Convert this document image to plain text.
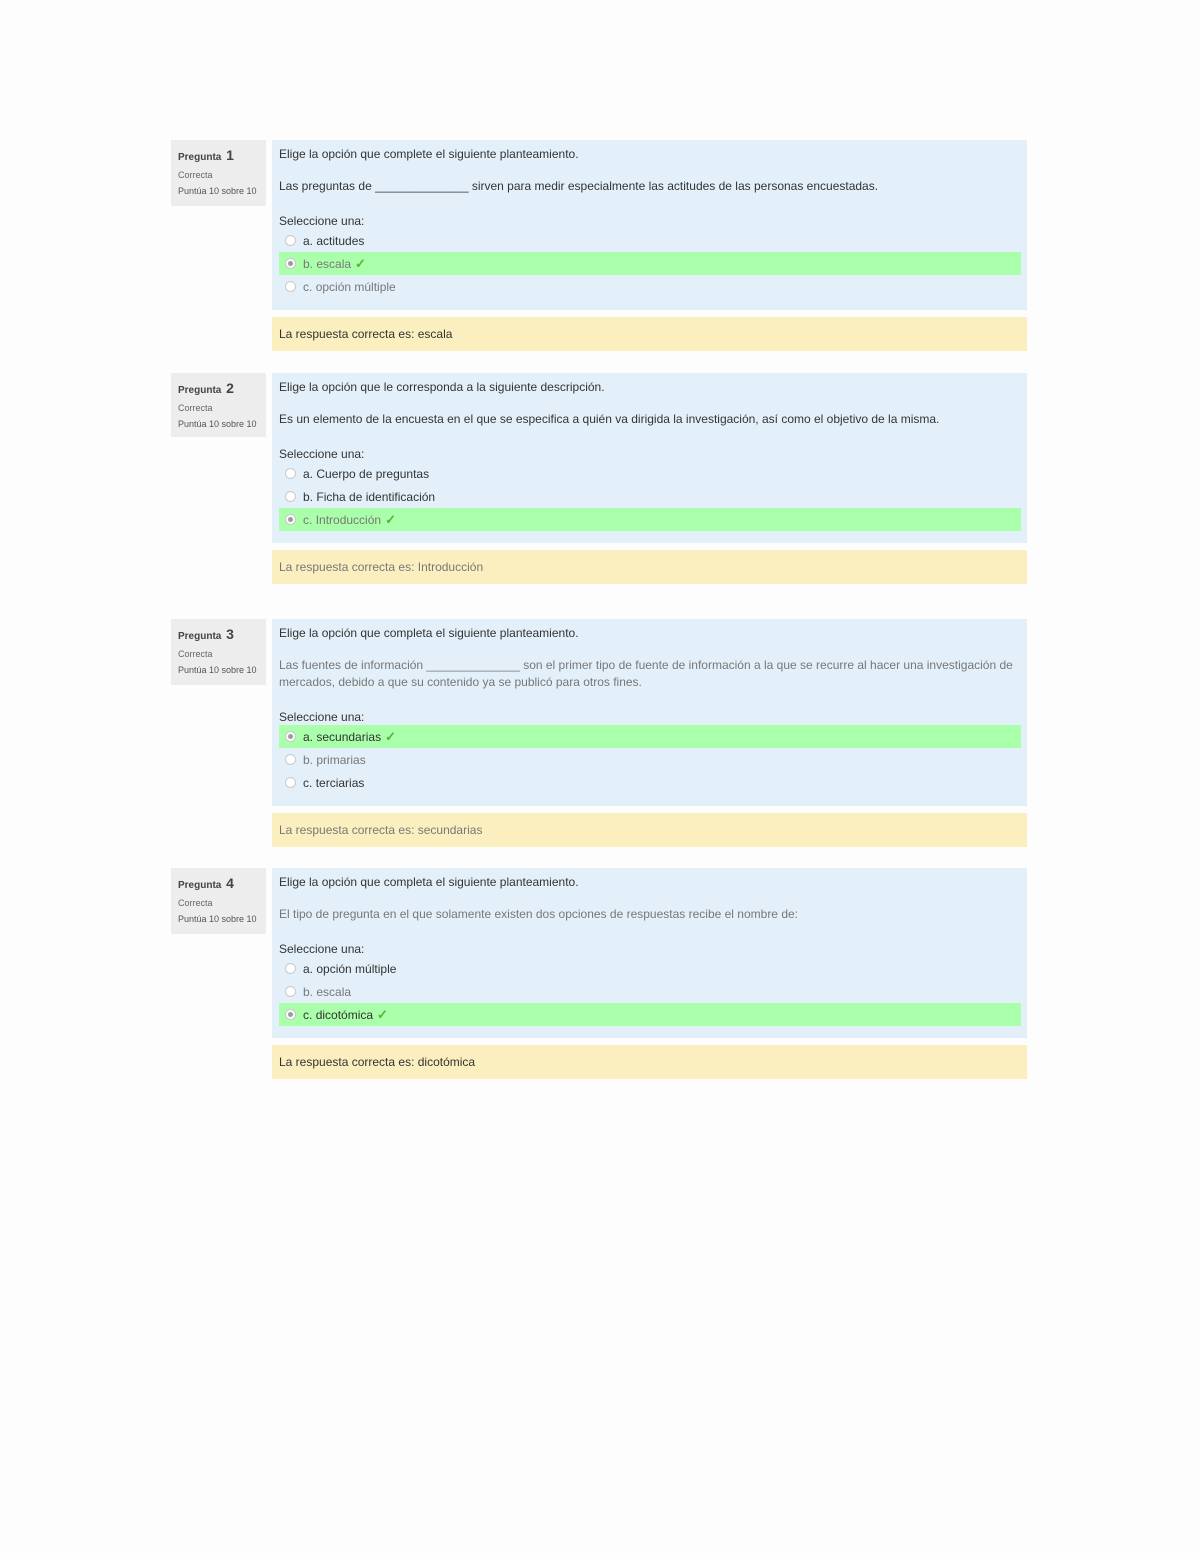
Pregunta 1
Correcta
Puntúa 10 sobre 10
Elige la opción que complete el siguiente planteamiento.
Las preguntas de ______________ sirven para medir especialmente las actitudes de las personas encuestadas.
Seleccione una:
a.
actitudes
b.
escala ✓
c.
opción múltiple
La respuesta correcta es: escala
Pregunta 2
Correcta
Puntúa 10 sobre 10
Elige la opción que le corresponda a la siguiente descripción.
Es un elemento de la encuesta en el que se especifica a quién va dirigida la investigación, así como el objetivo de la misma.
Seleccione una:
a.
Cuerpo de preguntas
b.
Ficha de identificación
c.
Introducción ✓
La respuesta correcta es: Introducción
Pregunta 3
Correcta
Puntúa 10 sobre 10
Elige la opción que completa el siguiente planteamiento.
Las fuentes de información ______________ son el primer tipo de fuente de información a la que se recurre al hacer una investigación de mercados, debido a que su contenido ya se publicó para otros fines.
Seleccione una:
a.
secundarias ✓
b.
primarias
c.
terciarias
La respuesta correcta es: secundarias
Pregunta 4
Correcta
Puntúa 10 sobre 10
Elige la opción que completa el siguiente planteamiento.
El tipo de pregunta en el que solamente existen dos opciones de respuestas recibe el nombre de:
Seleccione una:
a.
opción múltiple
b.
escala
c.
dicotómica ✓
La respuesta correcta es: dicotómica
